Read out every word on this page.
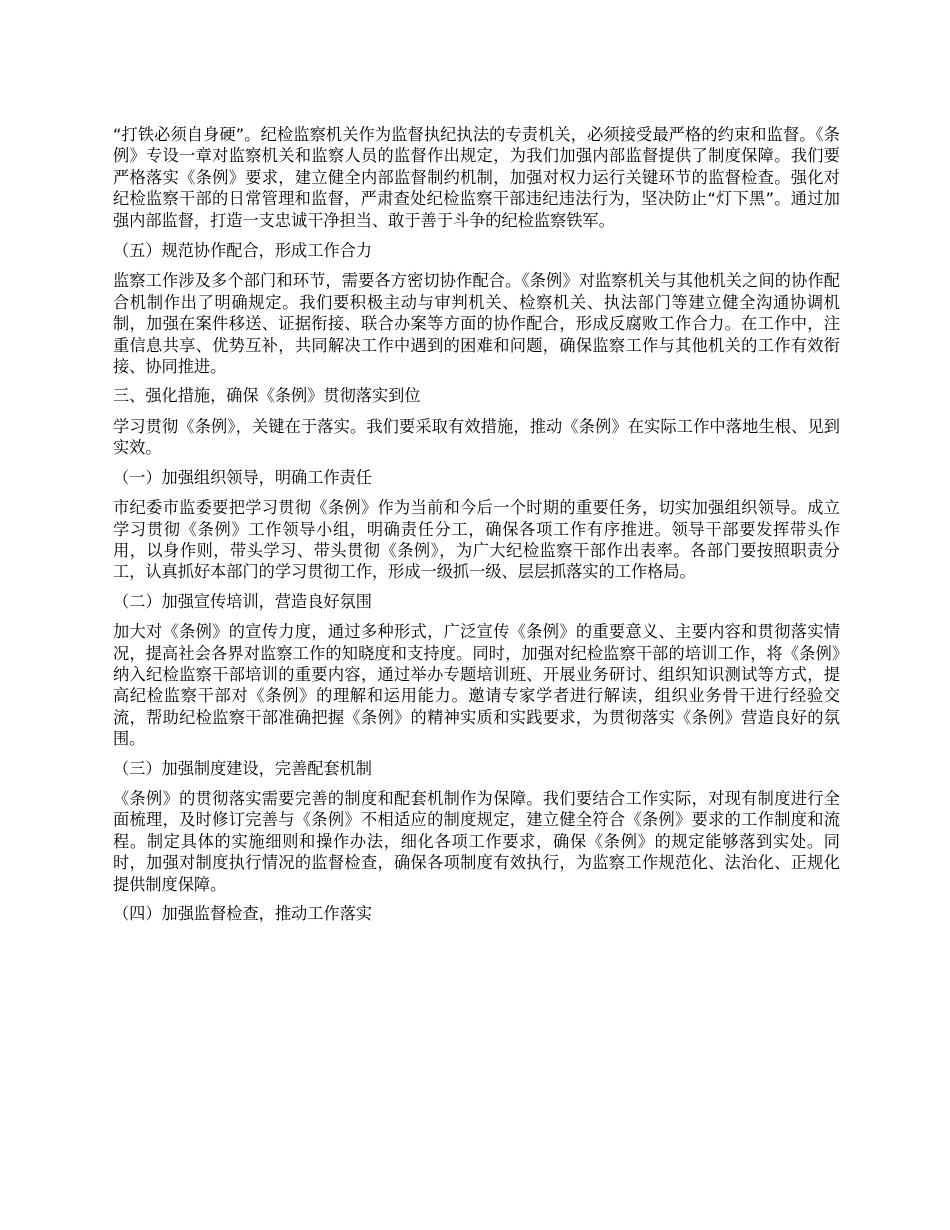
“打铁必须自身硬”。纪检监察机关作为监督执纪执法的专责机关，必须接受最严格的约束和监督。《条例》专设一章对监察机关和监察人员的监督作出规定，为我们加强内部监督提供了制度保障。我们要严格落实《条例》要求，建立健全内部监督制约机制，加强对权力运行关键环节的监督检查。强化对纪检监察干部的日常管理和监督，严肃查处纪检监察干部违纪违法行为，坚决防止“灯下黑”。通过加强内部监督，打造一支忠诚干净担当、敢于善于斗争的纪检监察铁军。

（五）规范协作配合，形成工作合力

监察工作涉及多个部门和环节，需要各方密切协作配合。《条例》对监察机关与其他机关之间的协作配合机制作出了明确规定。我们要积极主动与审判机关、检察机关、执法部门等建立健全沟通协调机制，加强在案件移送、证据衔接、联合办案等方面的协作配合，形成反腐败工作合力。在工作中，注重信息共享、优势互补，共同解决工作中遇到的困难和问题，确保监察工作与其他机关的工作有效衔接、协同推进。

三、强化措施，确保《条例》贯彻落实到位

学习贯彻《条例》，关键在于落实。我们要采取有效措施，推动《条例》在实际工作中落地生根、见到实效。

（一）加强组织领导，明确工作责任

市纪委市监委要把学习贯彻《条例》作为当前和今后一个时期的重要任务，切实加强组织领导。成立学习贯彻《条例》工作领导小组，明确责任分工，确保各项工作有序推进。领导干部要发挥带头作用，以身作则，带头学习、带头贯彻《条例》，为广大纪检监察干部作出表率。各部门要按照职责分工，认真抓好本部门的学习贯彻工作，形成一级抓一级、层层抓落实的工作格局。

（二）加强宣传培训，营造良好氛围

加大对《条例》的宣传力度，通过多种形式，广泛宣传《条例》的重要意义、主要内容和贯彻落实情况，提高社会各界对监察工作的知晓度和支持度。同时，加强对纪检监察干部的培训工作，将《条例》纳入纪检监察干部培训的重要内容，通过举办专题培训班、开展业务研讨、组织知识测试等方式，提高纪检监察干部对《条例》的理解和运用能力。邀请专家学者进行解读，组织业务骨干进行经验交流，帮助纪检监察干部准确把握《条例》的精神实质和实践要求，为贯彻落实《条例》营造良好的氛围。

（三）加强制度建设，完善配套机制

《条例》的贯彻落实需要完善的制度和配套机制作为保障。我们要结合工作实际，对现有制度进行全面梳理，及时修订完善与《条例》不相适应的制度规定，建立健全符合《条例》要求的工作制度和流程。制定具体的实施细则和操作办法，细化各项工作要求，确保《条例》的规定能够落到实处。同时，加强对制度执行情况的监督检查，确保各项制度有效执行，为监察工作规范化、法治化、正规化提供制度保障。

（四）加强监督检查，推动工作落实
